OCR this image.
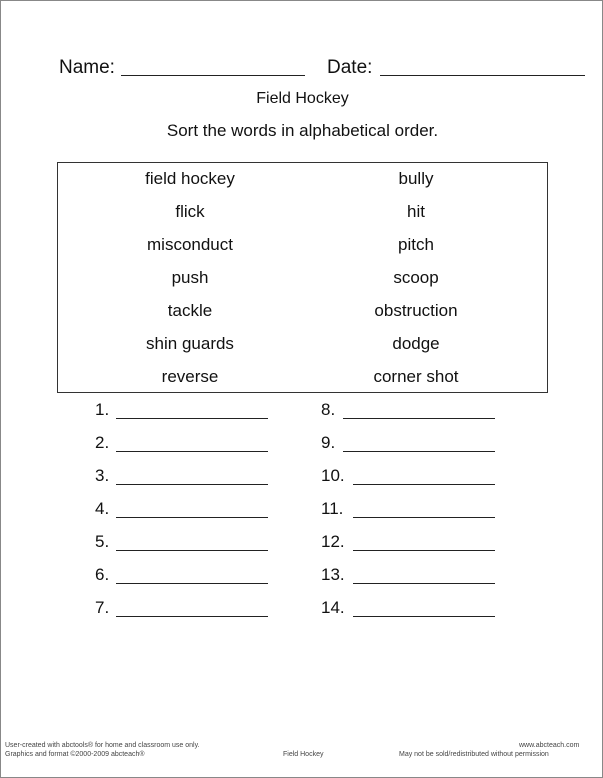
Name:	Date:
Field Hockey
Sort the words in alphabetical order.
field hockey	bully
flick	hit
misconduct	pitch
push	scoop
tackle	obstruction
shin guards	dodge
reverse	corner shot
1.
2.
3.
4.
5.
6.
7.
8.
9.
10.
11.
12.
13.
14.
User-created with abctools® for home and classroom use only.
Graphics and format ©2000-2009 abcteach®	Field Hockey
www.abcteach.com
May not be sold/redistributed without permission
